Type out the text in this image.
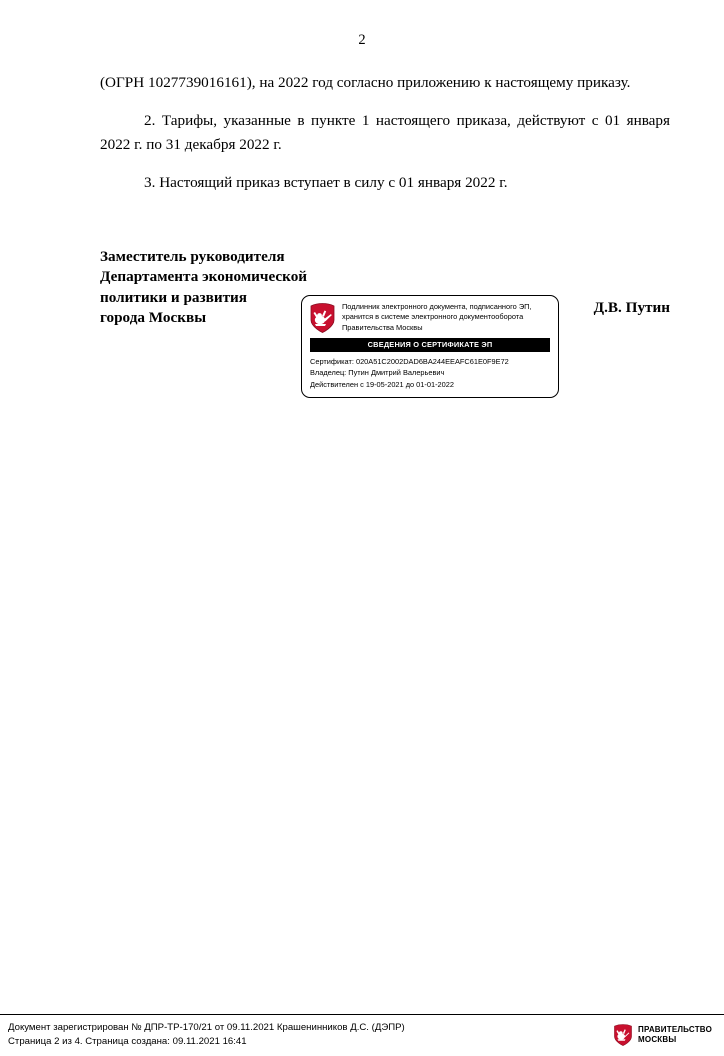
2
(ОГРН 1027739016161), на 2022 год согласно приложению к настоящему приказу.
2. Тарифы, указанные в пункте 1 настоящего приказа, действуют с 01 января 2022 г. по 31 декабря 2022 г.
3. Настоящий приказ вступает в силу с 01 января 2022 г.
Заместитель руководителя
Департамента экономической
политики и развития
города Москвы
Д.В. Путин
Подлинник электронного документа, подписанного ЭП,
хранится в системе электронного документооборота
Правительства Москвы
СВЕДЕНИЯ О СЕРТИФИКАТЕ ЭП
Сертификат: 020A51C2002DAD6BA244EEAFC61E0F9E72
Владелец: Путин Дмитрий Валерьевич
Действителен с 19-05-2021 до 01-01-2022
Документ зарегистрирован № ДПР-ТР-170/21 от 09.11.2021 Крашенинников Д.С. (ДЭПР)
Страница 2 из 4. Страница создана: 09.11.2021 16:41
ПРАВИТЕЛЬСТВО
МОСКВЫ
